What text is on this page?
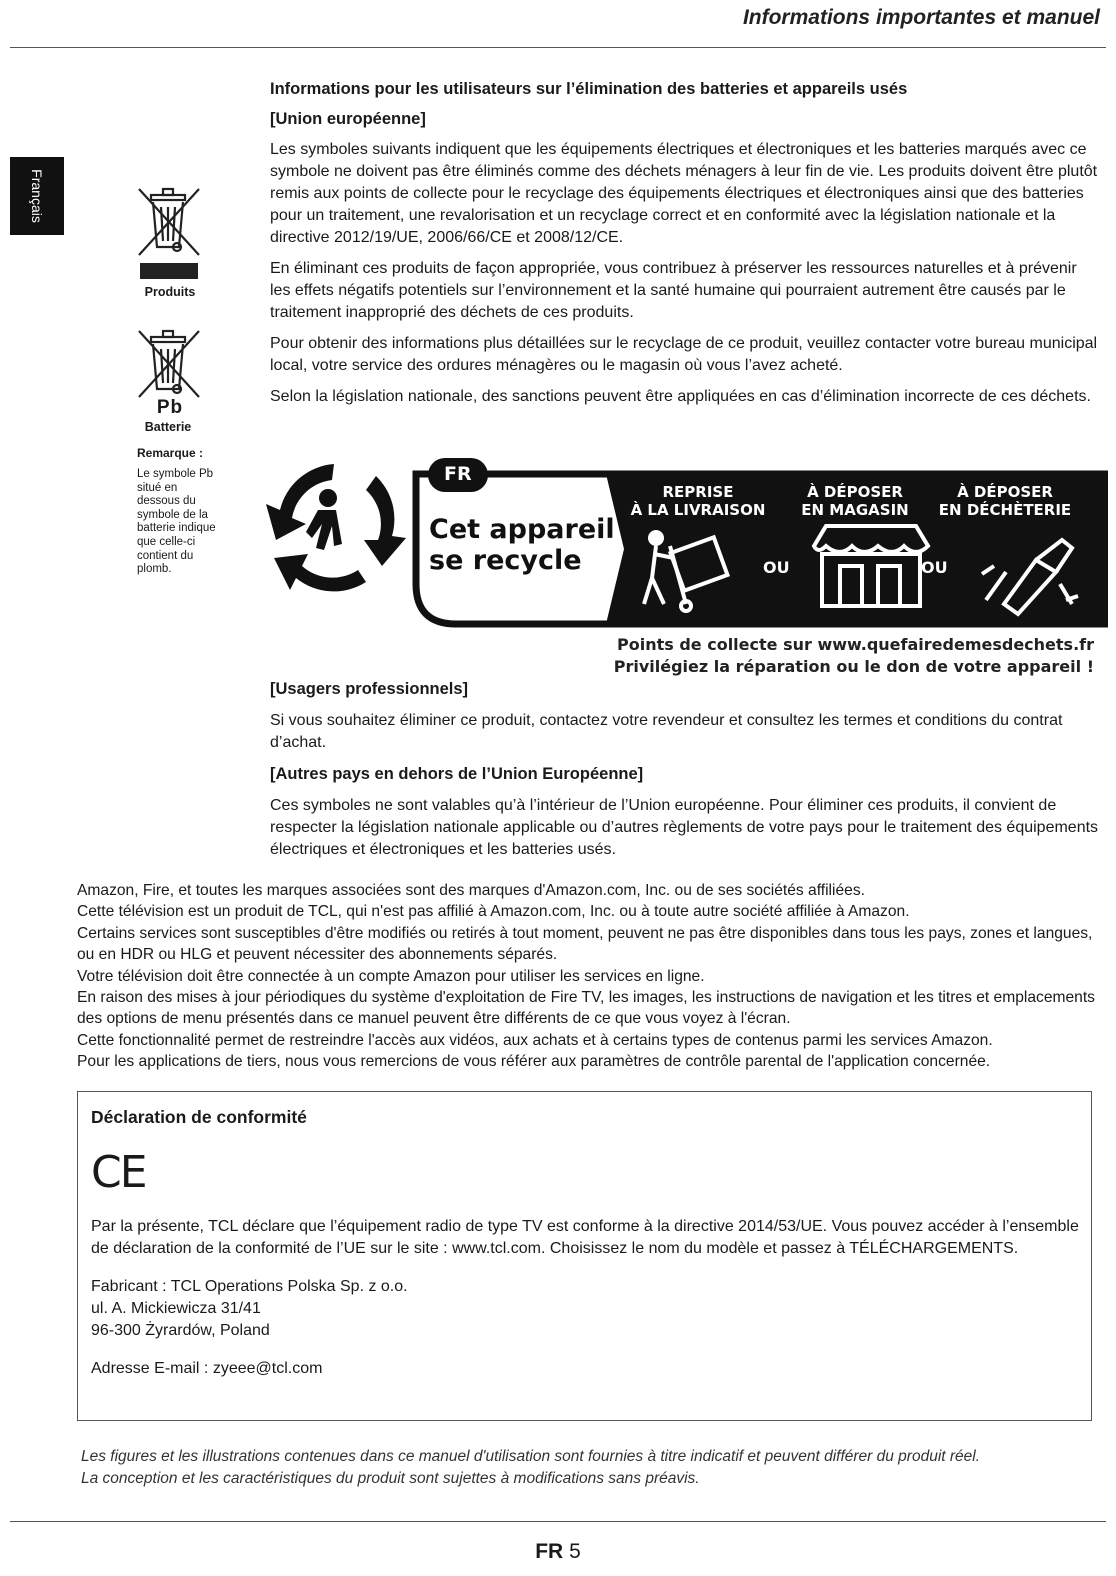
Informations importantes et manuel
Français
Produits
Pb
Batterie
Remarque :
Le symbole Pb situé en dessous du symbole de la batterie indique que celle-ci contient du plomb.

Informations pour les utilisateurs sur l’élimination des batteries et appareils usés

[Union européenne]

Les symboles suivants indiquent que les équipements électriques et électroniques et les batteries marqués avec ce symbole ne doivent pas être éliminés comme des déchets ménagers à leur fin de vie. Les produits doivent être plutôt remis aux points de collecte pour le recyclage des équipements électriques et électroniques ainsi que des batteries pour un traitement, une revalorisation et un recyclage correct et en conformité avec la législation nationale et la directive 2012/19/UE, 2006/66/CE et 2008/12/CE.

En éliminant ces produits de façon appropriée, vous contribuez à préserver les ressources naturelles et à prévenir les effets négatifs potentiels sur l’environnement et la santé humaine qui pourraient autrement être causés par le traitement inapproprié des déchets de ces produits.

Pour obtenir des informations plus détaillées sur le recyclage de ce produit, veuillez contacter votre bureau municipal local, votre service des ordures ménagères ou le magasin où vous l’avez acheté.

Selon la législation nationale, des sanctions peuvent être appliquées en cas d’élimination incorrecte de ces déchets.

FR
Cet appareil
se recycle
REPRISE
À LA LIVRAISON
À DÉPOSER
EN MAGASIN
À DÉPOSER
EN DÉCHÈTERIE
OU	OU
Points de collecte sur www.quefairedemesdechets.fr
Privilégiez la réparation ou le don de votre appareil !

[Usagers professionnels]

Si vous souhaitez éliminer ce produit, contactez votre revendeur et consultez les termes et conditions du contrat d’achat.

[Autres pays en dehors de l’Union Européenne]

Ces symboles ne sont valables qu’à l’intérieur de l’Union européenne. Pour éliminer ces produits, il convient de respecter la législation nationale applicable ou d’autres règlements de votre pays pour le traitement des équipements électriques et électroniques et les batteries usés.

Amazon, Fire, et toutes les marques associées sont des marques d'Amazon.com, Inc. ou de ses sociétés affiliées.

Cette télévision est un produit de TCL, qui n'est pas affilié à Amazon.com, Inc. ou à toute autre société affiliée à Amazon.

Certains services sont susceptibles d'être modifiés ou retirés à tout moment, peuvent ne pas être disponibles dans tous les pays, zones et langues, ou en HDR ou HLG et peuvent nécessiter des abonnements séparés.

Votre télévision doit être connectée à un compte Amazon pour utiliser les services en ligne.

En raison des mises à jour périodiques du système d'exploitation de Fire TV, les images, les instructions de navigation et les titres et emplacements des options de menu présentés dans ce manuel peuvent être différents de ce que vous voyez à l'écran.

Cette fonctionnalité permet de restreindre l'accès aux vidéos, aux achats et à certains types de contenus parmi les services Amazon.

Pour les applications de tiers, nous vous remercions de vous référer aux paramètres de contrôle parental de l'application concernée.

Déclaration de conformité

CE

Par la présente, TCL déclare que l’équipement radio de type TV est conforme à la directive 2014/53/UE. Vous pouvez accéder à l’ensemble de déclaration de la conformité de l’UE sur le site : www.tcl.com. Choisissez le nom du modèle et passez à TÉLÉCHARGEMENTS.

Fabricant : TCL Operations Polska Sp. z o.o.

ul. A. Mickiewicza 31/41

96-300 Żyrardów, Poland

Adresse E-mail : zyeee@tcl.com

Les figures et les illustrations contenues dans ce manuel d'utilisation sont fournies à titre indicatif et peuvent différer du produit réel.

La conception et les caractéristiques du produit sont sujettes à modifications sans préavis.

FR 5
